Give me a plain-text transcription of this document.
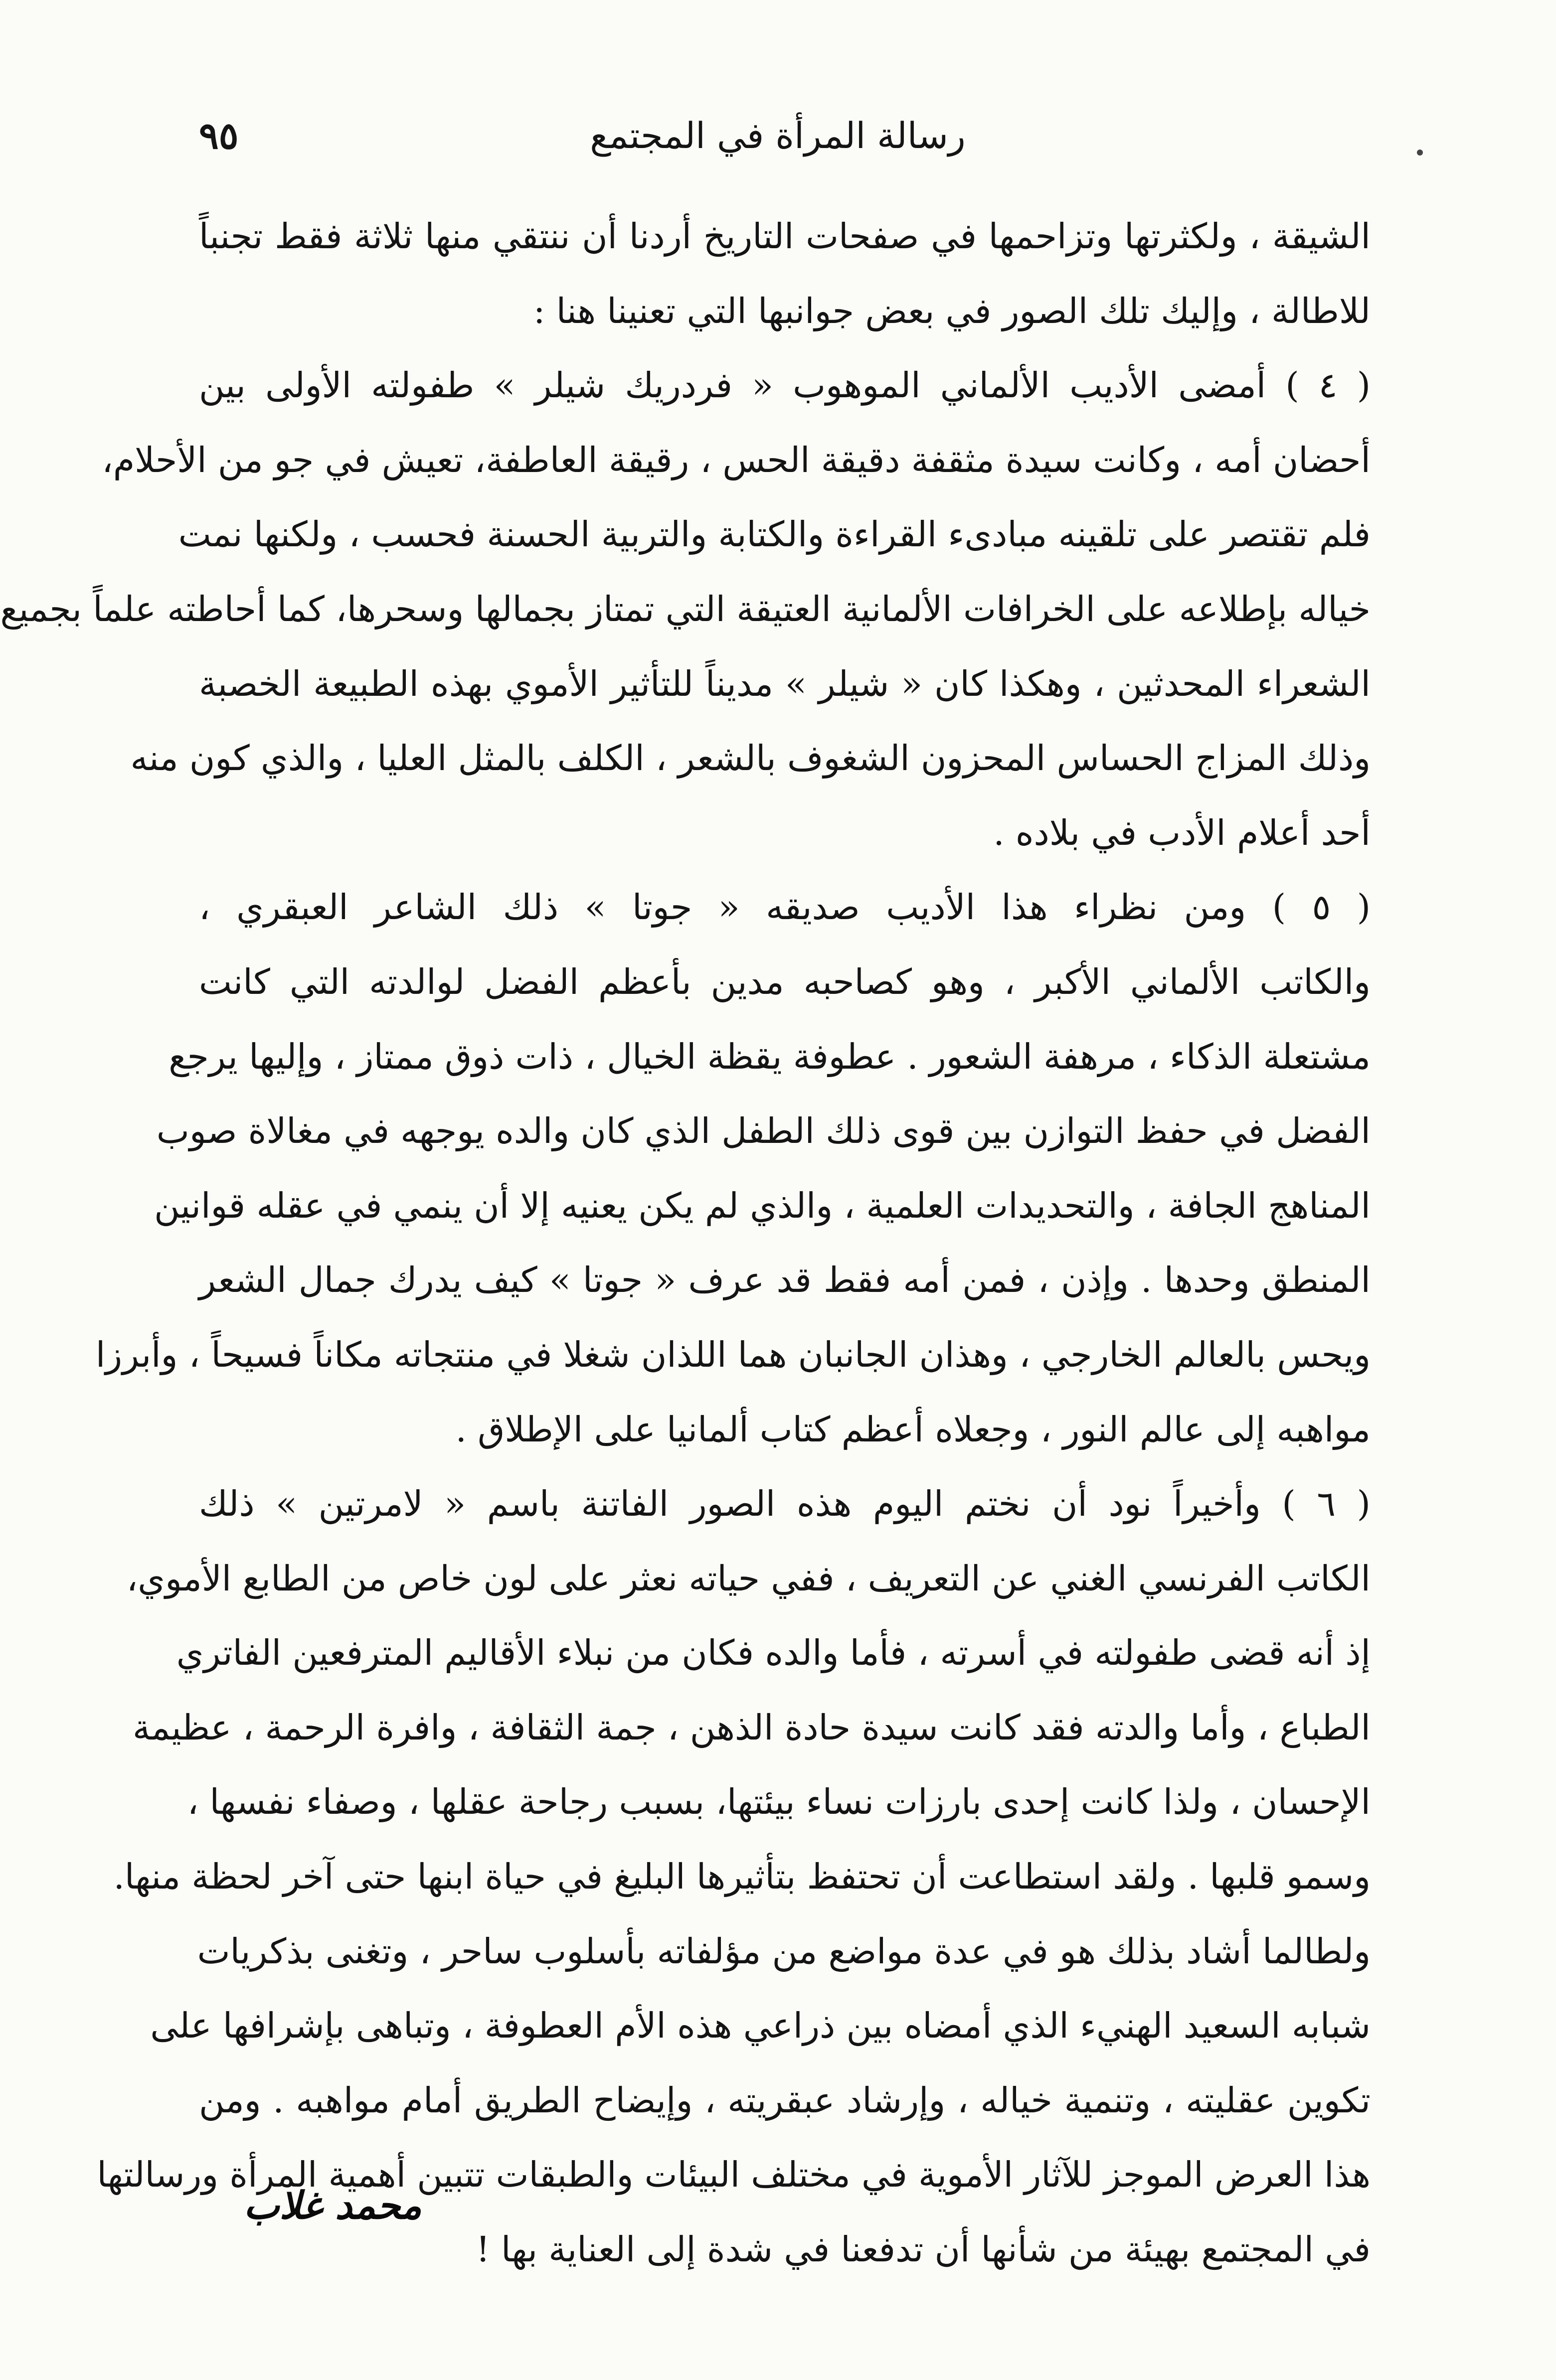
رسالة المرأة في المجتمع
٩٥
الشيقة ، ولكثرتها وتزاحمها في صفحات التاريخ أردنا أن ننتقي منها ثلاثة فقط تجنباً
للاطالة ، وإليك تلك الصور في بعض جوانبها التي تعنينا هنا :
( ٤ ) أمضى الأديب الألماني الموهوب « فردريك شيلر » طفولته الأولى بين
أحضان أمه ، وكانت سيدة مثقفة دقيقة الحس ، رقيقة العاطفة، تعيش في جو من الأحلام،
فلم تقتصر على تلقينه مبادىء القراءة والكتابة والتربية الحسنة فحسب ، ولكنها نمت
خياله بإطلاعه على الخرافات الألمانية العتيقة التي تمتاز بجمالها وسحرها، كما أحاطته علماً بجميع
الشعراء المحدثين ، وهكذا كان « شيلر » مديناً للتأثير الأموي بهذه الطبيعة الخصبة
وذلك المزاج الحساس المحزون الشغوف بالشعر ، الكلف بالمثل العليا ، والذي كون منه
أحد أعلام الأدب في بلاده .
( ٥ ) ومن نظراء هذا الأديب صديقه « جوتا » ذلك الشاعر العبقري ،
والكاتب الألماني الأكبر ، وهو كصاحبه مدين بأعظم الفضل لوالدته التي كانت
مشتعلة الذكاء ، مرهفة الشعور . عطوفة يقظة الخيال ، ذات ذوق ممتاز ، وإليها يرجع
الفضل في حفظ التوازن بين قوى ذلك الطفل الذي كان والده يوجهه في مغالاة صوب
المناهج الجافة ، والتحديدات العلمية ، والذي لم يكن يعنيه إلا أن ينمي في عقله قوانين
المنطق وحدها . وإذن ، فمن أمه فقط قد عرف « جوتا » كيف يدرك جمال الشعر
ويحس بالعالم الخارجي ، وهذان الجانبان هما اللذان شغلا في منتجاته مكاناً فسيحاً ، وأبرزا
مواهبه إلى عالم النور ، وجعلاه أعظم كتاب ألمانيا على الإطلاق .
( ٦ ) وأخيراً نود أن نختم اليوم هذه الصور الفاتنة باسم « لامرتين » ذلك
الكاتب الفرنسي الغني عن التعريف ، ففي حياته نعثر على لون خاص من الطابع الأموي،
إذ أنه قضى طفولته في أسرته ، فأما والده فكان من نبلاء الأقاليم المترفعين الفاتري
الطباع ، وأما والدته فقد كانت سيدة حادة الذهن ، جمة الثقافة ، وافرة الرحمة ، عظيمة
الإحسان ، ولذا كانت إحدى بارزات نساء بيئتها، بسبب رجاحة عقلها ، وصفاء نفسها ،
وسمو قلبها . ولقد استطاعت أن تحتفظ بتأثيرها البليغ في حياة ابنها حتى آخر لحظة منها.
ولطالما أشاد بذلك هو في عدة مواضع من مؤلفاته بأسلوب ساحر ، وتغنى بذكريات
شبابه السعيد الهنيء الذي أمضاه بين ذراعي هذه الأم العطوفة ، وتباهى بإشرافها على
تكوين عقليته ، وتنمية خياله ، وإرشاد عبقريته ، وإيضاح الطريق أمام مواهبه . ومن
هذا العرض الموجز للآثار الأموية في مختلف البيئات والطبقات تتبين أهمية المرأة ورسالتها
في المجتمع بهيئة من شأنها أن تدفعنا في شدة إلى العناية بها !
محمد غلاب
